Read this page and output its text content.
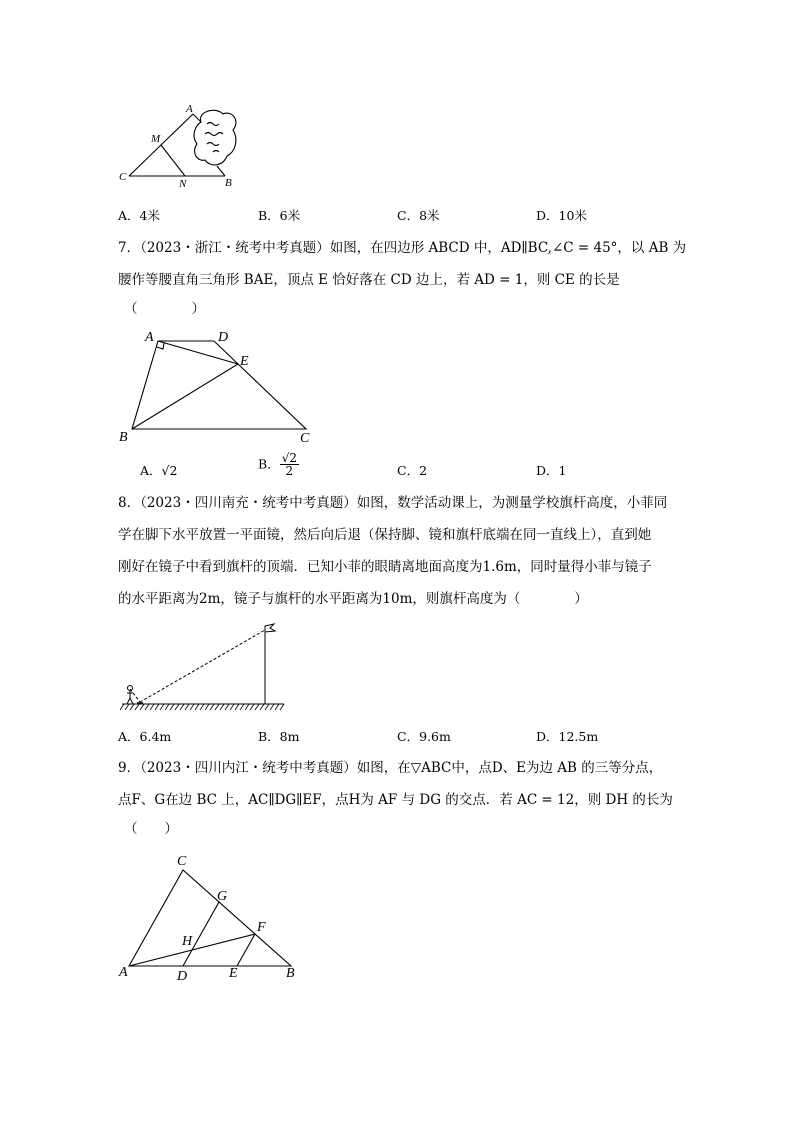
A
M
C
N	B
A．4米	B．6米	C．8米	D．10米
7．（2023・浙江・统考中考真题）如图，在四边形 ABCD 中，AD∥BC,∠C = 45°，以 AB 为
腰作等腰直角三角形 BAE，顶点 E 恰好落在 CD 边上，若 AD = 1，则 CE 的长是
（　　　　）
A	D
E
B	C
A．√2	B． $\frac{√2}{2}$	C．2	D．1
8．（2023・四川南充・统考中考真题）如图，数学活动课上，为测量学校旗杆高度，小菲同
学在脚下水平放置一平面镜，然后向后退（保持脚、镜和旗杆底端在同一直线上），直到她
刚好在镜子中看到旗杆的顶端．已知小菲的眼睛离地面高度为1.6m，同时量得小菲与镜子
的水平距离为2m，镜子与旗杆的水平距离为10m，则旗杆高度为（　　　　）
A．6.4m	B．8m	C．9.6m	D．12.5m
9．（2023・四川内江・统考中考真题）如图，在▽ABC中，点D、E为边 AB 的三等分点，
点F、G在边 BC 上，AC∥DG∥EF，点H为 AF 与 DG 的交点．若 AC = 12，则 DH 的长为
（　　）
C
G
F
H
A	D	E	B
